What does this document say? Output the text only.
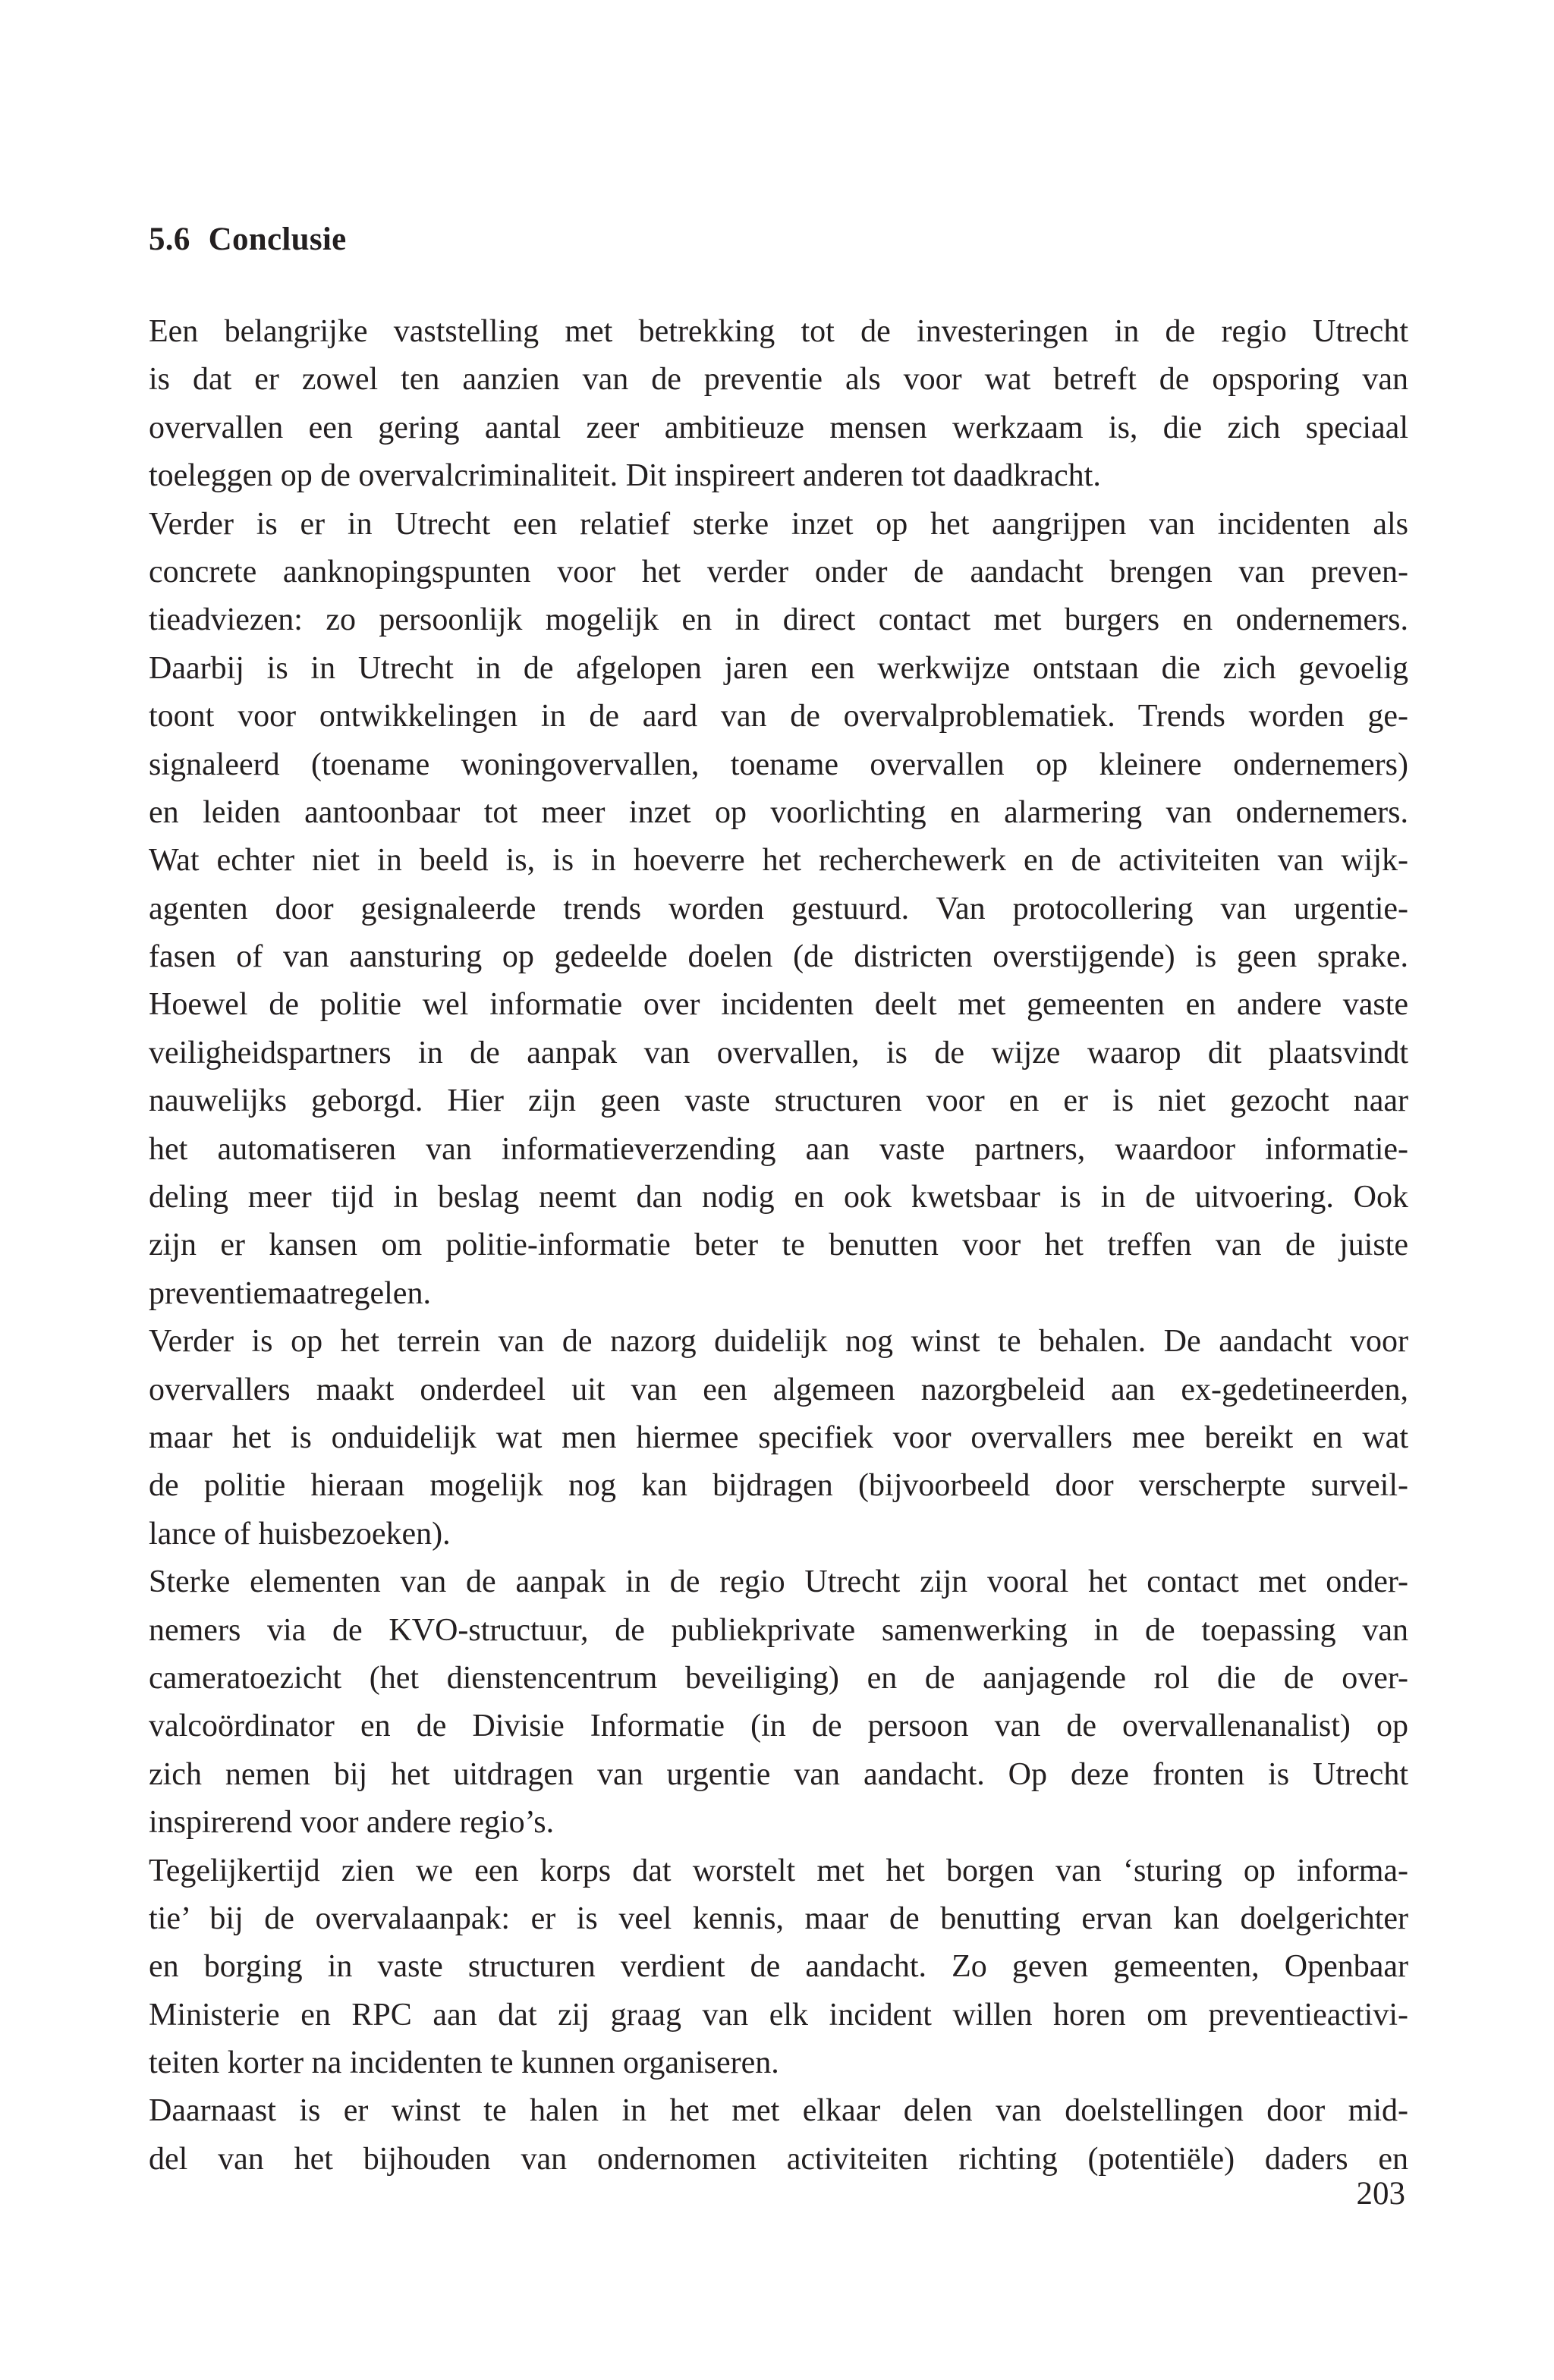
5.6 Conclusie
Een belangrijke vaststelling met betrekking tot de investeringen in de regio Utrecht
is dat er zowel ten aanzien van de preventie als voor wat betreft de opsporing van
overvallen een gering aantal zeer ambitieuze mensen werkzaam is, die zich speciaal
toeleggen op de overvalcriminaliteit. Dit inspireert anderen tot daadkracht.
Verder is er in Utrecht een relatief sterke inzet op het aangrijpen van incidenten als
concrete aanknopingspunten voor het verder onder de aandacht brengen van preven-
tieadviezen: zo persoonlijk mogelijk en in direct contact met burgers en ondernemers.
Daarbij is in Utrecht in de afgelopen jaren een werkwijze ontstaan die zich gevoelig
toont voor ontwikkelingen in de aard van de overvalproblematiek. Trends worden ge-
signaleerd (toename woningovervallen, toename overvallen op kleinere ondernemers)
en leiden aantoonbaar tot meer inzet op voorlichting en alarmering van ondernemers.
Wat echter niet in beeld is, is in hoeverre het recherchewerk en de activiteiten van wijk-
agenten door gesignaleerde trends worden gestuurd. Van protocollering van urgentie-
fasen of van aansturing op gedeelde doelen (de districten overstijgende) is geen sprake.
Hoewel de politie wel informatie over incidenten deelt met gemeenten en andere vaste
veiligheidspartners in de aanpak van overvallen, is de wijze waarop dit plaatsvindt
nauwelijks geborgd. Hier zijn geen vaste structuren voor en er is niet gezocht naar
het automatiseren van informatieverzending aan vaste partners, waardoor informatie-
deling meer tijd in beslag neemt dan nodig en ook kwetsbaar is in de uitvoering. Ook
zijn er kansen om politie-informatie beter te benutten voor het treffen van de juiste
preventiemaatregelen.
Verder is op het terrein van de nazorg duidelijk nog winst te behalen. De aandacht voor
overvallers maakt onderdeel uit van een algemeen nazorgbeleid aan ex-gedetineerden,
maar het is onduidelijk wat men hiermee specifiek voor overvallers mee bereikt en wat
de politie hieraan mogelijk nog kan bijdragen (bijvoorbeeld door verscherpte surveil-
lance of huisbezoeken).
Sterke elementen van de aanpak in de regio Utrecht zijn vooral het contact met onder-
nemers via de KVO-structuur, de publiekprivate samenwerking in de toepassing van
cameratoezicht (het dienstencentrum beveiliging) en de aanjagende rol die de over-
valcoördinator en de Divisie Informatie (in de persoon van de overvallenanalist) op
zich nemen bij het uitdragen van urgentie van aandacht. Op deze fronten is Utrecht
inspirerend voor andere regio’s.
Tegelijkertijd zien we een korps dat worstelt met het borgen van ‘sturing op informa-
tie’ bij de overvalaanpak: er is veel kennis, maar de benutting ervan kan doelgerichter
en borging in vaste structuren verdient de aandacht. Zo geven gemeenten, Openbaar
Ministerie en RPC aan dat zij graag van elk incident willen horen om preventieactivi-
teiten korter na incidenten te kunnen organiseren.
Daarnaast is er winst te halen in het met elkaar delen van doelstellingen door mid-
del van het bijhouden van ondernomen activiteiten richting (potentiële) daders en

203
